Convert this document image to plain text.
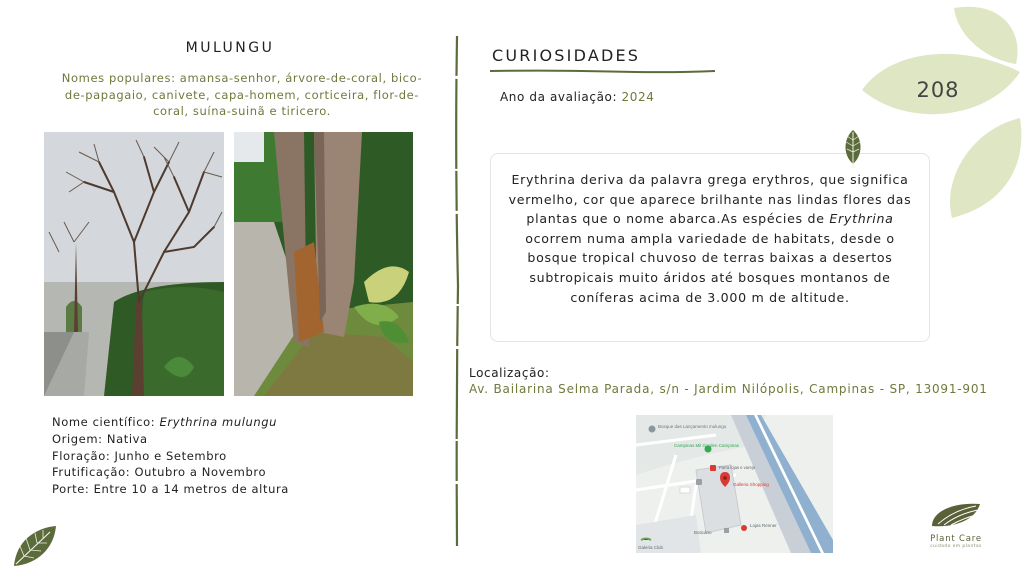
MULUNGU
Nomes populares: amansa-senhor, árvore-de-coral, bico-de-papagaio, canivete, capa-homem, corticeira, flor-de-coral, suína-suinã e tiricero.
Nome científico: Erythrina mulungu
Origem: Nativa
Floração: Junho e Setembro
Frutificação: Outubro a Novembro
Porte: Entre 10 a 14 metros de altura
CURIOSIDADES
Ano da avaliação: 2024
Erythrina deriva da palavra grega erythros, que significa vermelho, cor que aparece brilhante nas lindas flores das plantas que o nome abarca.As espécies de Erythrina ocorrem numa ampla variedade de habitats, desde o bosque tropical chuvoso de terras baixas a desertos subtropicais muito áridos até bosques montanos de coníferas acima de 3.000 m de altitude.
Localização:
Av. Bailarina Selma Parada, s/n - Jardim Nilópolis, Campinas - SP, 13091-901
Bosque das Lançamento mulungu
Campinas Mil Garden Campinas
Parra lojas e varejo
Galleria Shopping
Lojas Renner
Boticário
Galeria Club
208
Plant Care
cuidado em plantas
